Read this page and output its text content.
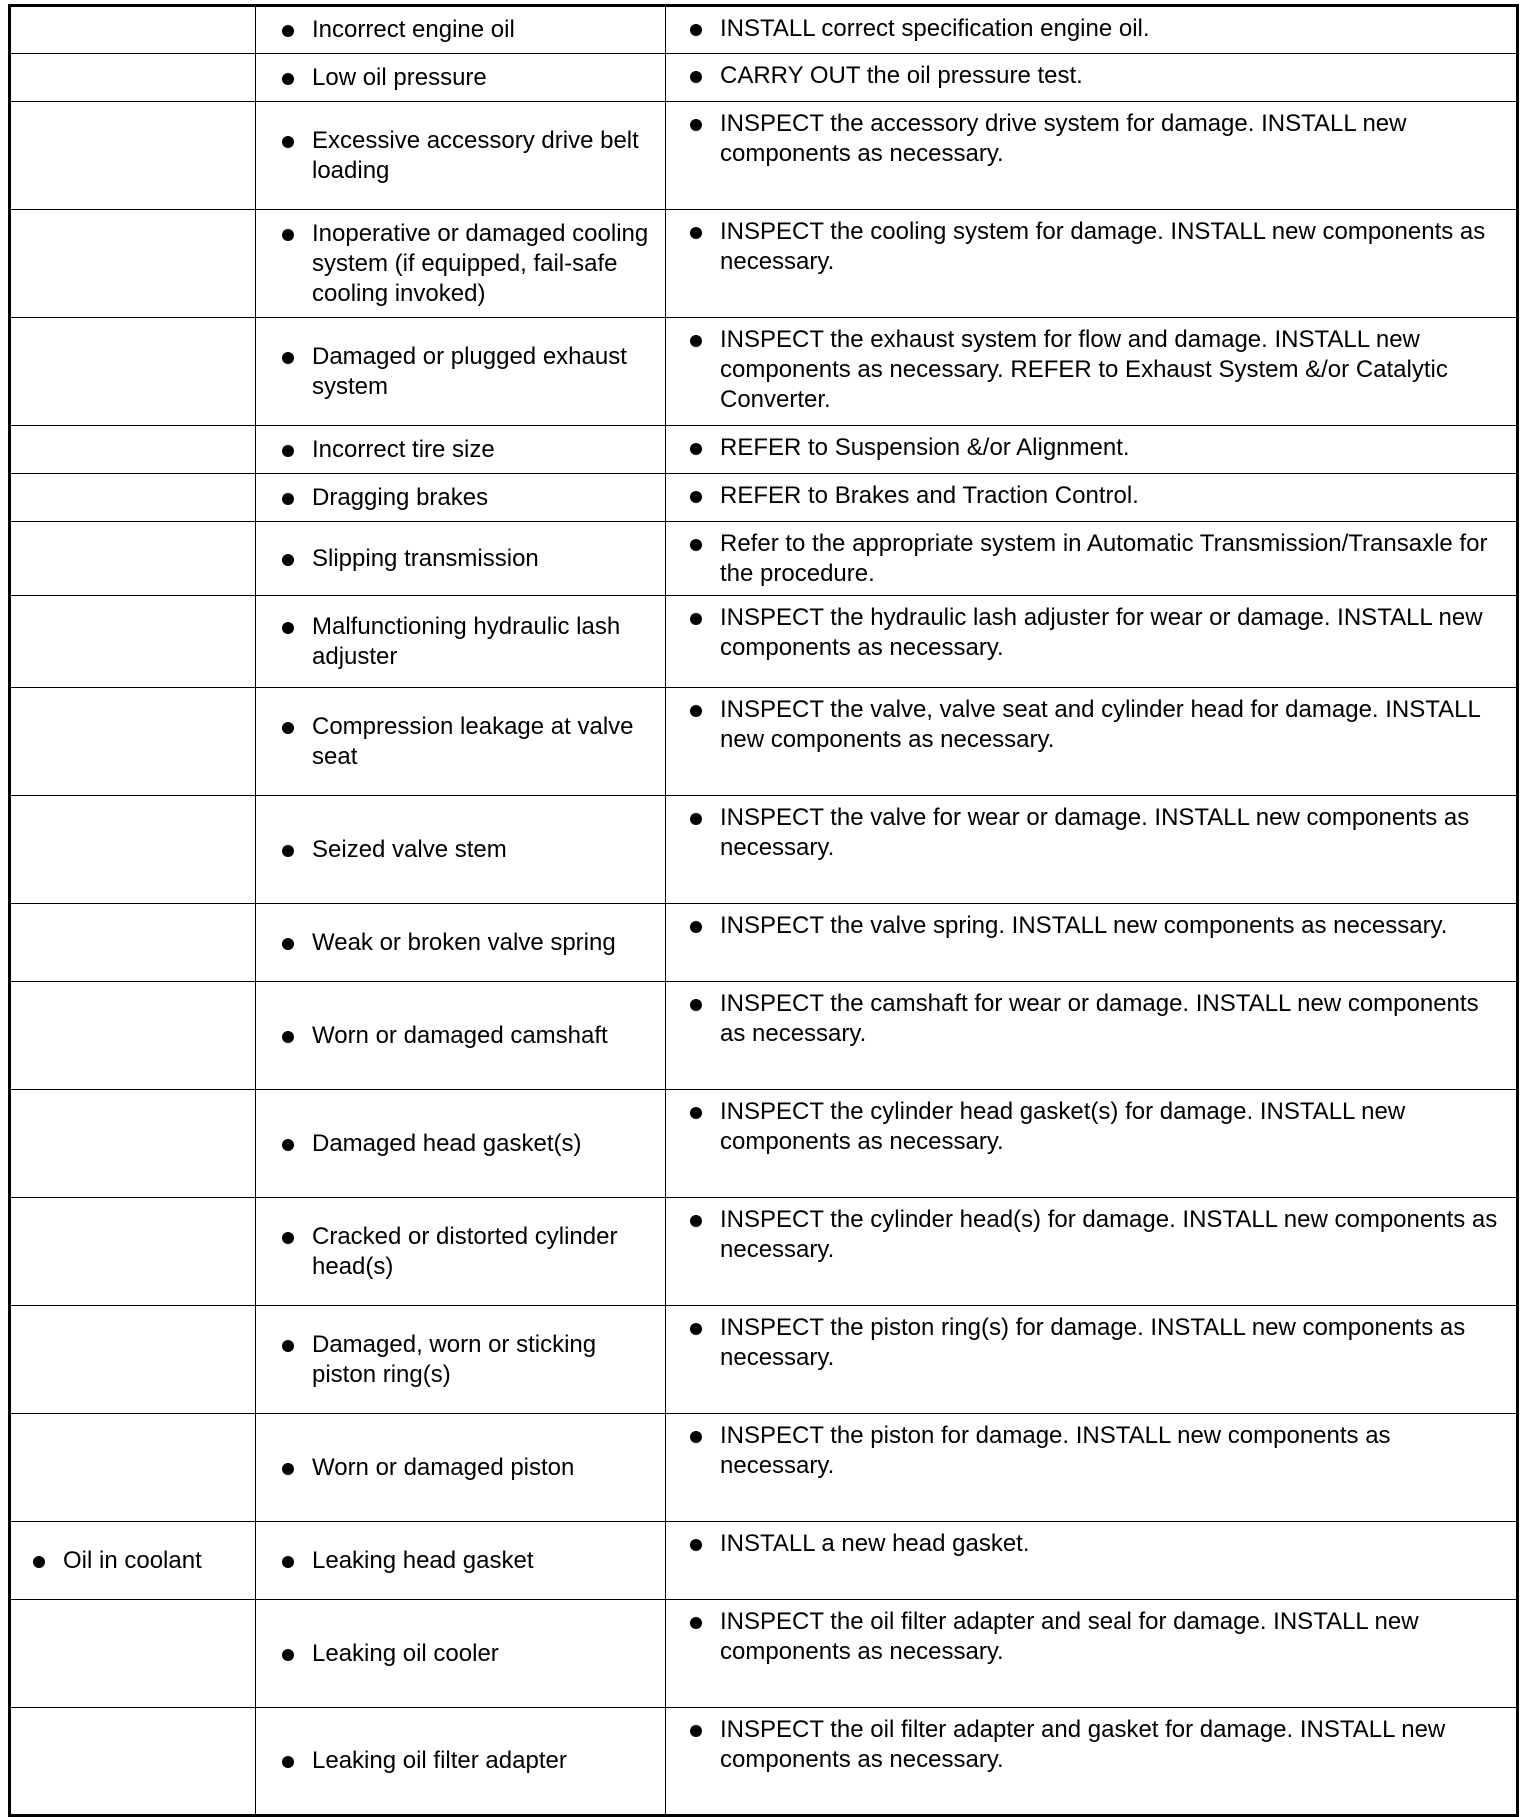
	Incorrect engine oil	INSTALL correct specification engine oil.

	Low oil pressure	CARRY OUT the oil pressure test.

	Excessive accessory drive belt loading	INSPECT the accessory drive system for damage. INSTALL new components as necessary.

	Inoperative or damaged cooling system (if equipped, fail-safe cooling invoked)	INSPECT the cooling system for damage. INSTALL new components as necessary.

	Damaged or plugged exhaust system	INSPECT the exhaust system for flow and damage. INSTALL new components as necessary. REFER to Exhaust System &/or Catalytic Converter.

	Incorrect tire size	REFER to Suspension &/or Alignment.

	Dragging brakes	REFER to Brakes and Traction Control.

	Slipping transmission	Refer to the appropriate system in Automatic Transmission/Transaxle for the procedure.

	Malfunctioning hydraulic lash adjuster	INSPECT the hydraulic lash adjuster for wear or damage. INSTALL new components as necessary.

	Compression leakage at valve seat	INSPECT the valve, valve seat and cylinder head for damage. INSTALL new components as necessary.

	Seized valve stem	INSPECT the valve for wear or damage. INSTALL new components as necessary.

	Weak or broken valve spring	INSPECT the valve spring. INSTALL new components as necessary.

	Worn or damaged camshaft	INSPECT the camshaft for wear or damage. INSTALL new components as necessary.

	Damaged head gasket(s)	INSPECT the cylinder head gasket(s) for damage. INSTALL new components as necessary.

	Cracked or distorted cylinder head(s)	INSPECT the cylinder head(s) for damage. INSTALL new components as necessary.

	Damaged, worn or sticking piston ring(s)	INSPECT the piston ring(s) for damage. INSTALL new components as necessary.

	Worn or damaged piston	INSPECT the piston for damage. INSTALL new components as necessary.

Oil in coolant	Leaking head gasket	INSTALL a new head gasket.

	Leaking oil cooler	INSPECT the oil filter adapter and seal for damage. INSTALL new components as necessary.

	Leaking oil filter adapter	INSPECT the oil filter adapter and gasket for damage. INSTALL new components as necessary.
